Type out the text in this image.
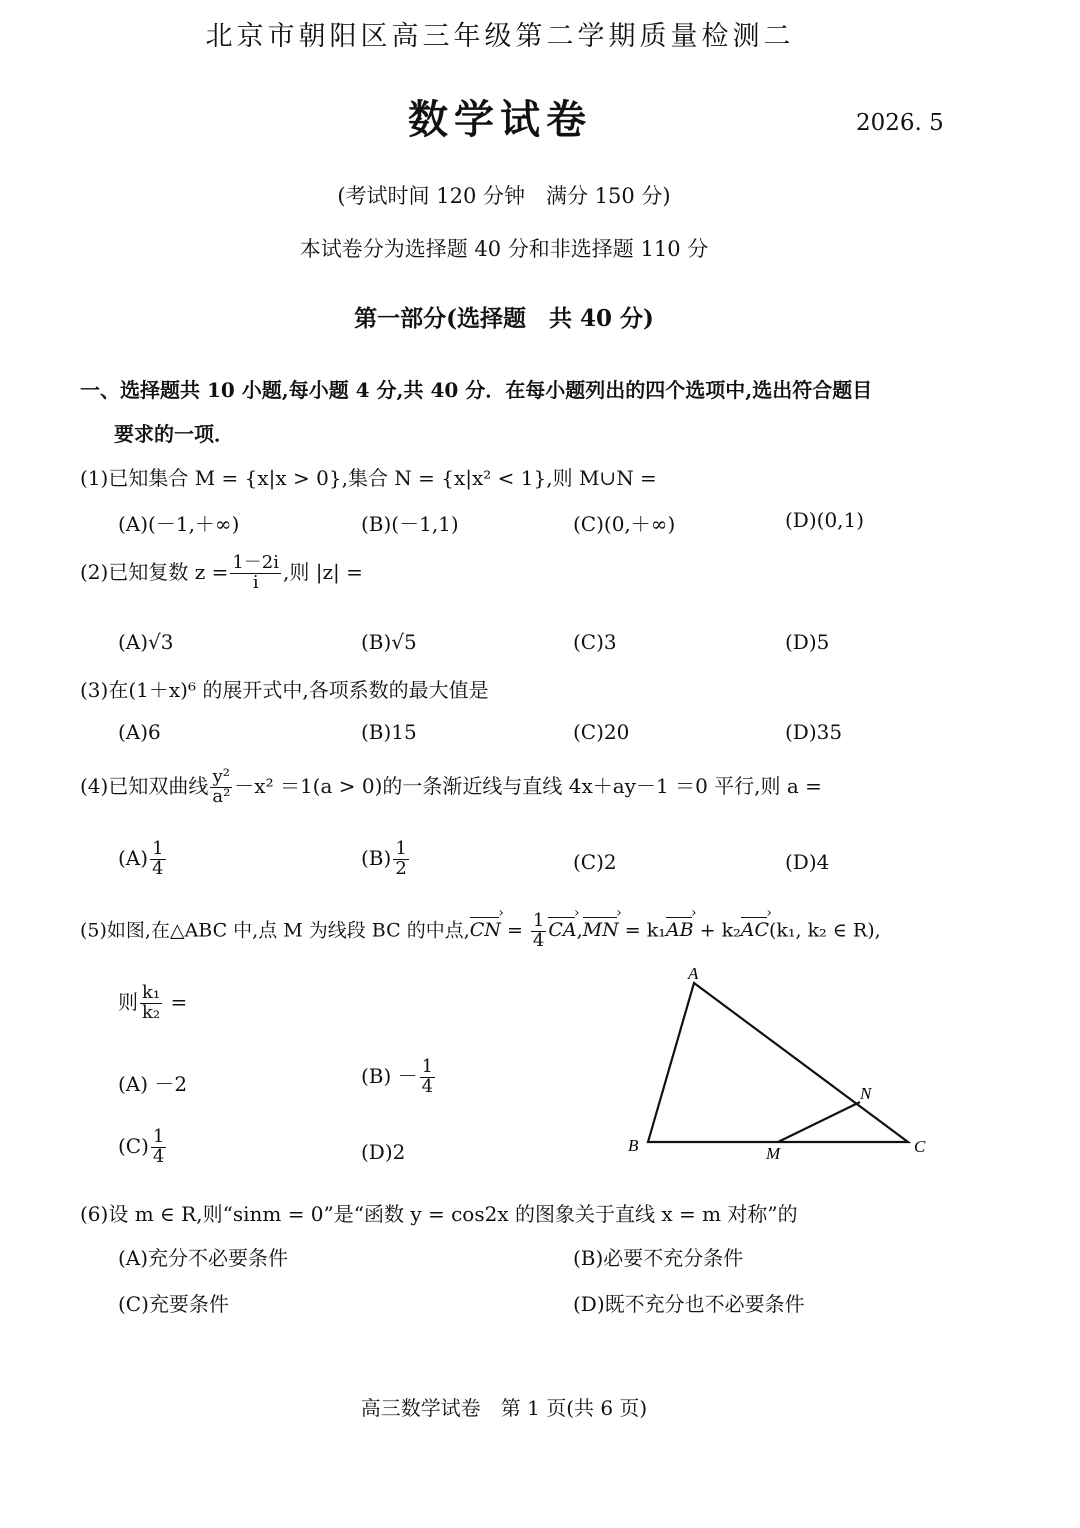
北京市朝阳区高三年级第二学期质量检测二
数学试卷	2026. 5
(考试时间 120 分钟　满分 150 分)
本试卷分为选择题 40 分和非选择题 110 分
第一部分(选择题　共 40 分)
一、选择题共 10 小题,每小题 4 分,共 40 分．在每小题列出的四个选项中,选出符合题目
要求的一项．
(1)已知集合 M = {x|x > 0},集合 N = {x|x² < 1},则 M∪N =
(A)(－1,＋∞)	(B)(－1,1)	(C)(0,＋∞)	(D)(0,1)
(2)已知复数 $z = \frac{1-2i}{i}$ ,则 |z| =
(A)√3	(B)√5	(C)3	(D)5
(3)在(1＋x)⁶ 的展开式中,各项系数的最大值是
(A)6	(B)15	(C)20	(D)35
(4)已知双曲线 $\frac{\text{y²}}{\text{a²}} -x^2 =1(a > 0)$的一条渐近线与直线 4x＋ay－1 ＝0 平行,则 a =
$(A) \frac{1}{4}$	$(B) \frac{1}{2}$	(C)2	(D)4
(5)如图,在△ABC 中,点 M 为线段 BC 的中点,CN › = $\frac{1}{4}$ CA ›,MN › = k₁AB › + k₂AC ›(k₁, k₂ ∈ R),
则 $\frac{\text{k₁}}{\text{k₂}}$ =
(A) －2	$(B) - \frac{1}{4}$
$(C) \frac{1}{4}$	(D)2
A
B	C
M
N
(6)设 m ∈ R,则“sinm = 0”是“函数 y = cos2x 的图象关于直线 x = m 对称”的
(A)充分不必要条件	(B)必要不充分条件
(C)充要条件	(D)既不充分也不必要条件
高三数学试卷　第 1 页(共 6 页)
